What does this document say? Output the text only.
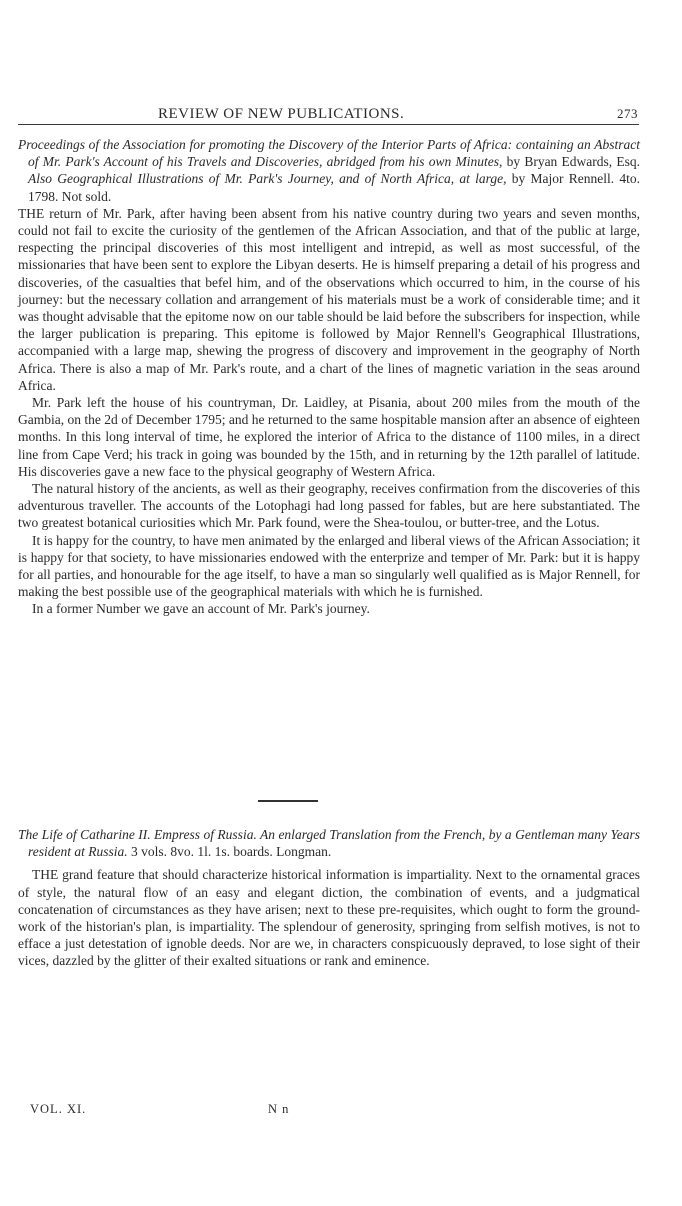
REVIEW OF NEW PUBLICATIONS.	273

Proceedings of the Association for promoting the Discovery of the Interior Parts of Africa: containing an Abstract of Mr. Park's Account of his Travels and Discoveries, abridged from his own Minutes, by Bryan Edwards, Esq. Also Geographical Illustrations of Mr. Park's Journey, and of North Africa, at large, by Major Rennell. 4to. 1798. Not sold.

THE return of Mr. Park, after having been absent from his native country during two years and seven months, could not fail to excite the curiosity of the gentlemen of the African Association, and that of the public at large, respecting the principal discoveries of this most intelligent and intrepid, as well as most successful, of the missionaries that have been sent to explore the Libyan deserts. He is himself preparing a detail of his progress and discoveries, of the casualties that befel him, and of the observations which occurred to him, in the course of his journey: but the necessary collation and arrangement of his materials must be a work of considerable time; and it was thought advisable that the epitome now on our table should be laid before the subscribers for inspection, while the larger publication is preparing. This epitome is followed by Major Rennell's Geographical Illustrations, accompanied with a large map, shewing the progress of discovery and improvement in the geography of North Africa. There is also a map of Mr. Park's route, and a chart of the lines of magnetic variation in the seas around Africa.

Mr. Park left the house of his countryman, Dr. Laidley, at Pisania, about 200 miles from the mouth of the Gambia, on the 2d of December 1795; and he returned to the same hospitable mansion after an absence of eighteen months. In this long interval of time, he explored the interior of Africa to the distance of 1100 miles, in a direct line from Cape Verd; his track in going was bounded by the 15th, and in returning by the 12th parallel of latitude. His discoveries gave a new face to the physical geography of Western Africa.

The natural history of the ancients, as well as their geography, receives confirmation from the discoveries of this adventurous traveller. The accounts of the Lotophagi had long passed for fables, but are here substantiated. The two greatest botanical curiosities which Mr. Park found, were the Shea-toulou, or butter-tree, and the Lotus.

It is happy for the country, to have men animated by the enlarged and liberal views of the African Association; it is happy for that society, to have missionaries endowed with the enterprize and temper of Mr. Park: but it is happy for all parties, and honourable for the age itself, to have a man so singularly well qualified as is Major Rennell, for making the best possible use of the geographical materials with which he is furnished.

In a former Number we gave an account of Mr. Park's journey.

The Life of Catharine II. Empress of Russia. An enlarged Translation from the French, by a Gentleman many Years resident at Russia. 3 vols. 8vo. 1l. 1s. boards. Longman.

THE grand feature that should characterize historical information is impartiality. Next to the ornamental graces of style, the natural flow of an easy and elegant diction, the combination of events, and a judgmatical concatenation of circumstances as they have arisen; next to these pre-requisites, which ought to form the ground-work of the historian's plan, is impartiality. The splendour of generosity, springing from selfish motives, is not to efface a just detestation of ignoble deeds. Nor are we, in characters conspicuously depraved, to lose sight of their vices, dazzled by the glitter of their exalted situations or rank and eminence.

VOL. XI.	N n
